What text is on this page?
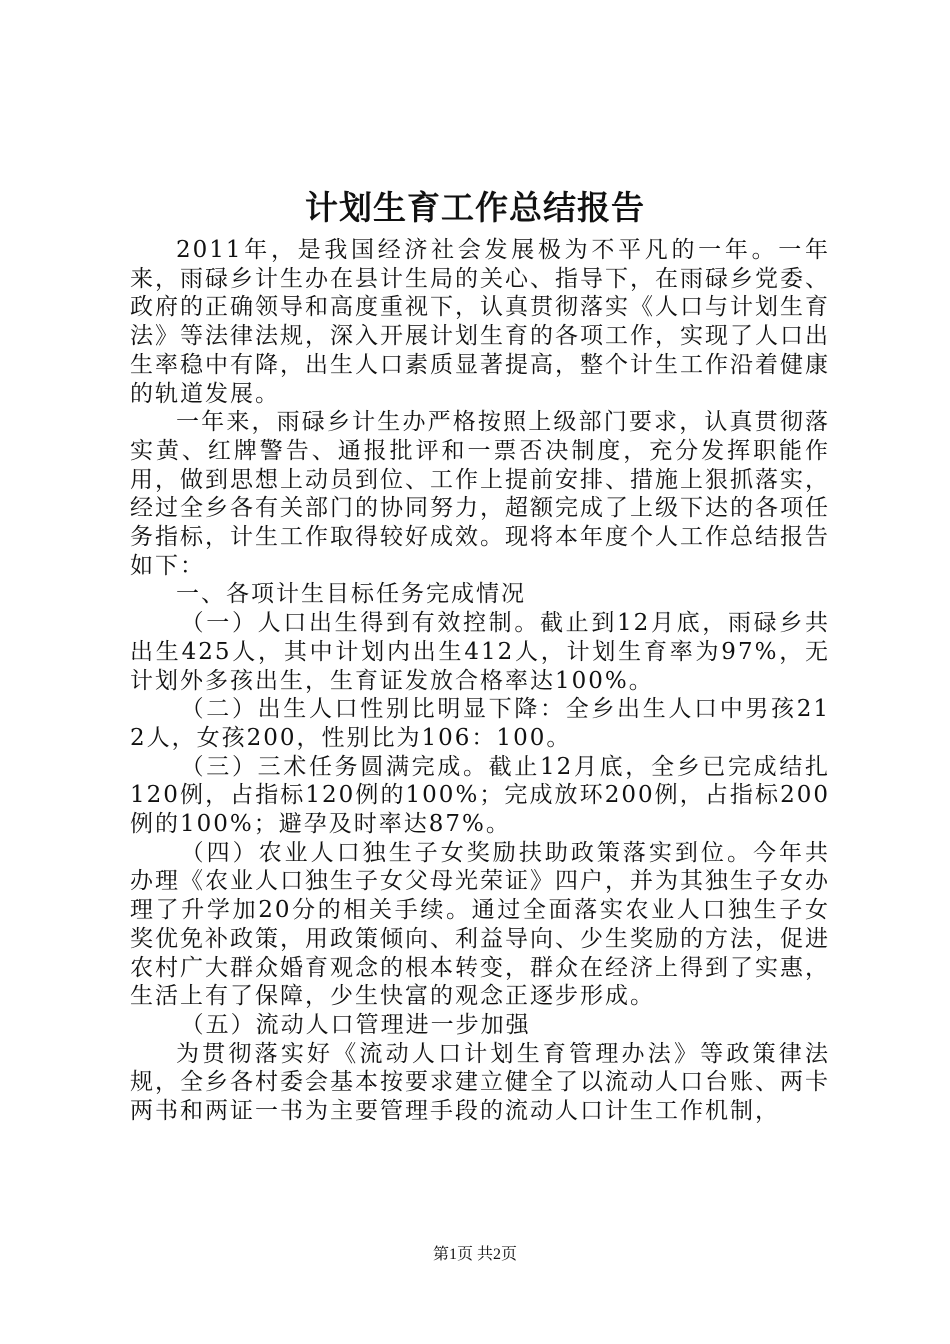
计划生育工作总结报告

2011年，是我国经济社会发展极为不平凡的一年。一年来，雨碌乡计生办在县计生局的关心、指导下，在雨碌乡党委、政府的正确领导和高度重视下，认真贯彻落实《人口与计划生育法》等法律法规，深入开展计划生育的各项工作，实现了人口出生率稳中有降，出生人口素质显著提高，整个计生工作沿着健康的轨道发展。

一年来，雨碌乡计生办严格按照上级部门要求，认真贯彻落实黄、红牌警告、通报批评和一票否决制度，充分发挥职能作用，做到思想上动员到位、工作上提前安排、措施上狠抓落实，经过全乡各有关部门的协同努力，超额完成了上级下达的各项任务指标，计生工作取得较好成效。现将本年度个人工作总结报告如下：

一、各项计生目标任务完成情况

（一）人口出生得到有效控制。截止到12月底，雨碌乡共出生425人，其中计划内出生412人，计划生育率为97%，无计划外多孩出生，生育证发放合格率达100%。

（二）出生人口性别比明显下降：全乡出生人口中男孩212人，女孩200，性别比为106：100。

（三）三术任务圆满完成。截止12月底，全乡已完成结扎120例，占指标120例的100%；完成放环200例，占指标200例的100%；避孕及时率达87%。

（四）农业人口独生子女奖励扶助政策落实到位。今年共办理《农业人口独生子女父母光荣证》四户，并为其独生子女办理了升学加20分的相关手续。通过全面落实农业人口独生子女奖优免补政策，用政策倾向、利益导向、少生奖励的方法，促进农村广大群众婚育观念的根本转变，群众在经济上得到了实惠，生活上有了保障，少生快富的观念正逐步形成。

（五）流动人口管理进一步加强

为贯彻落实好《流动人口计划生育管理办法》等政策律法规，全乡各村委会基本按要求建立健全了以流动人口台账、两卡两书和两证一书为主要管理手段的流动人口计生工作机制，

第1页 共2页
